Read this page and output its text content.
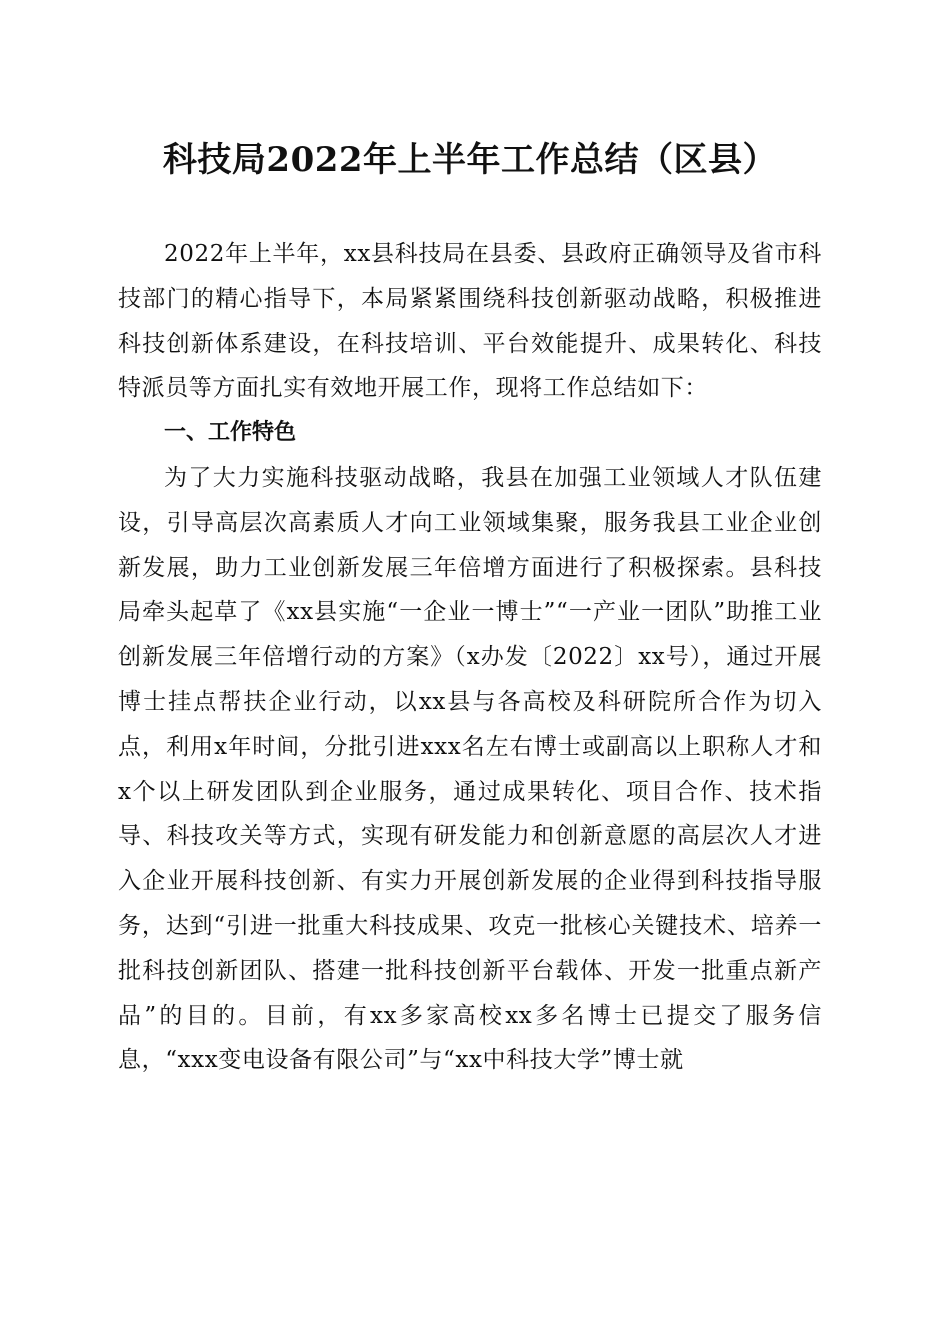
科技局2022年上半年工作总结（区县）

2022年上半年，xx县科技局在县委、县政府正确领导及省市科技部门的精心指导下，本局紧紧围绕科技创新驱动战略，积极推进科技创新体系建设，在科技培训、平台效能提升、成果转化、科技特派员等方面扎实有效地开展工作，现将工作总结如下：

一、工作特色

为了大力实施科技驱动战略，我县在加强工业领域人才队伍建设，引导高层次高素质人才向工业领域集聚，服务我县工业企业创新发展，助力工业创新发展三年倍增方面进行了积极探索。县科技局牵头起草了《xx县实施“一企业一博士”“一产业一团队”助推工业创新发展三年倍增行动的方案》（x办发〔2022〕xx号），通过开展博士挂点帮扶企业行动，以xx县与各高校及科研院所合作为切入点，利用x年时间，分批引进xxx名左右博士或副高以上职称人才和x个以上研发团队到企业服务，通过成果转化、项目合作、技术指导、科技攻关等方式，实现有研发能力和创新意愿的高层次人才进入企业开展科技创新、有实力开展创新发展的企业得到科技指导服务，达到“引进一批重大科技成果、攻克一批核心关键技术、培养一批科技创新团队、搭建一批科技创新平台载体、开发一批重点新产品”的目的。目前，有xx多家高校xx多名博士已提交了服务信息，“xxx变电设备有限公司”与“xx中科技大学”博士就
